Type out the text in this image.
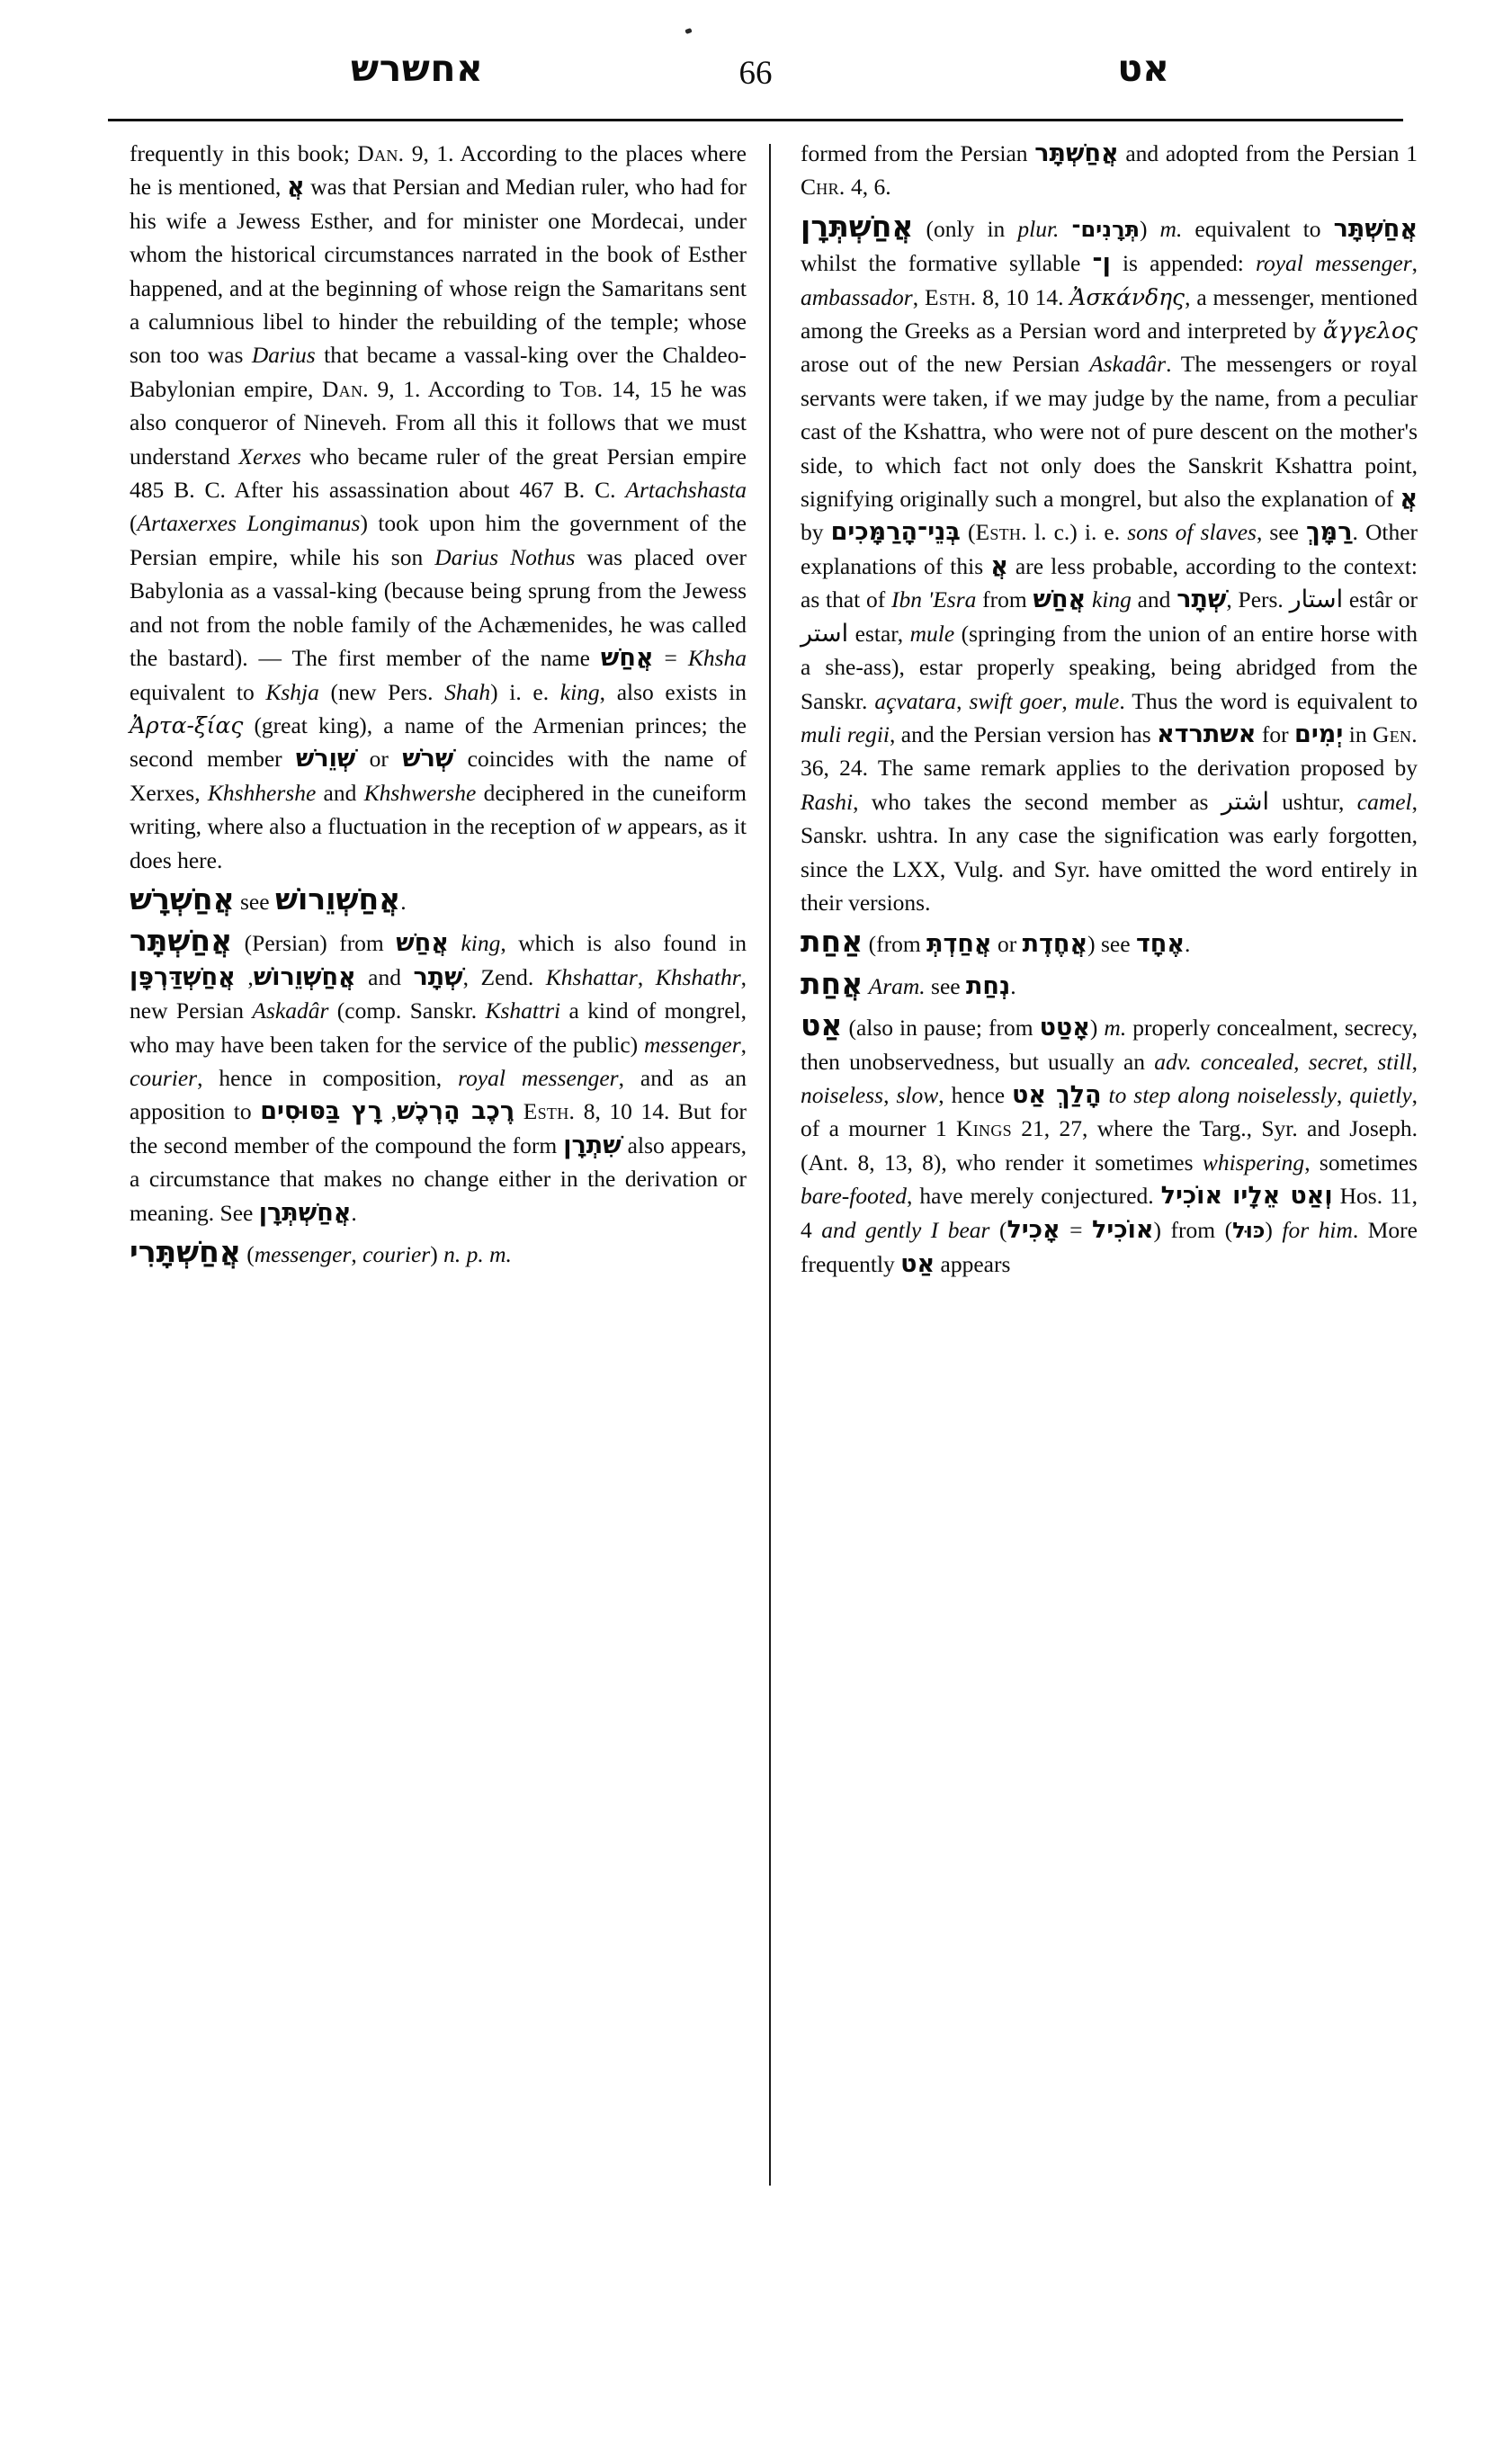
אחשרש	66	אט

frequently in this book; Dan. 9, 1. According to the places where he is mentioned, אֲ was that Persian and Median ruler, who had for his wife a Jewess Esther, and for minister one Mordecai, under whom the historical circumstances narrated in the book of Esther happened, and at the beginning of whose reign the Samaritans sent a calumnious libel to hinder the rebuilding of the temple; whose son too was Darius that became a vassal-king over the Chaldeo-Babylonian empire, Dan. 9, 1. According to Tob. 14, 15 he was also conqueror of Nineveh. From all this it follows that we must understand Xerxes who became ruler of the great Persian empire 485 B. C. After his assassination about 467 B. C. Artachshasta (Artaxerxes Longimanus) took upon him the government of the Persian empire, while his son Darius Nothus was placed over Babylonia as a vassal-king (because being sprung from the Jewess and not from the noble family of the Achæmenides, he was called the bastard). — The first member of the name אֲחַשׁ = Khsha equivalent to Kshja (new Pers. Shah) i. e. king, also exists in Ἀρτα-ξίας (great king), a name of the Armenian princes; the second member שְׁוֵרשׁ or שְׁרֹשׁ coincides with the name of Xerxes, Khshhershe and Khshwershe deciphered in the cuneiform writing, where also a fluctuation in the reception of w appears, as it does here.

אֲחַשְׁרָשׁ see אֲחַשְׁוֵרוֹשׁ.

אֲחַשְׁתָּר (Persian) from אֲחַשׁ king, which is also found in אֲחַשְׁוֵרוֹשׁ, אֲחַשְׁדַּרְפָּן	and שְׁתָר, Zend. Khshattar, Khshathr, new Persian Askadâr (comp. Sanskr. Kshattri a kind of mongrel, who may have been taken for the service of the public) messenger, courier, hence in composition, royal messenger, and as an apposition to	רֶכֶב הָרְכֶשׁ, רָץ בַּסּוּסִים	Esth. 8, 10 14. But for the second member of the compound the form שִׁתְרָן also appears, a circumstance that makes no change either in the derivation or meaning. See אֲחַשְׁתְּרָן.

אֲחַשְׁתָּרִי (messenger, courier) n. p. m.

formed from the Persian אֲחַשְׁתָּר and adopted from the Persian 1 Chr. 4, 6.

אֲחַשְׁתְּרָן (only in plur. תְּרָנִים־) m. equivalent to אֲחַשְׁתָּר whilst the formative syllable ן־ is appended: royal messenger, ambassador, Esth. 8, 10 14. Ἀσκάνδης, a messenger, mentioned among the Greeks as a Persian word and interpreted by ἄγγελος arose out of the new Persian Askadâr. The messengers or royal servants were taken, if we may judge by the name, from a peculiar cast of the Kshattra, who were not of pure descent on the mother's side, to which fact not only does the Sanskrit Kshattra point, signifying originally such a mongrel, but also the explanation of אֲ by בְּנֵי־הָרַמָּכִים (Esth. l. c.) i. e. sons of slaves, see רַמָּךְ. Other explanations of this אֲ are less probable, according to the context: as that of Ibn 'Esra from אֲחַשׁ king and שְׁתָר, Pers. استار estâr or استر estar, mule (springing from the union of an entire horse with a she-ass), estar properly speaking, being abridged from the Sanskr. açvatara, swift goer, mule. Thus the word is equivalent to muli regii, and the Persian version has אשתרדא for יְמִים in Gen. 36, 24. The same remark applies to the derivation proposed by Rashi, who takes the second member as اشتر ushtur, camel, Sanskr. ushtra. In any case the signification was early forgotten, since the LXX, Vulg. and Syr. have omitted the word entirely in their versions.

אַחַת (from אֲחַדְתְּ or אֲחֶדֶת) see אֶחָד.

אֲחַת Aram. see נְחַת.

אַט (also in pause; from אָטַט) m. properly concealment, secrecy, then unobservedness, but usually an adv. concealed, secret, still, noiseless, slow, hence הָלַךְ אַט to step along noiselessly, quietly, of a mourner 1 Kings 21, 27, where the Targ., Syr. and Joseph. (Ant. 8, 13, 8), who render it sometimes whispering, sometimes bare-footed, have merely conjectured. וְאַט אֵלָיו אוֹכִיל Hos. 11, 4 and gently I bear (	אוֹכִיל = אָכִיל	) from (כּוּל) for him. More frequently אַט appears
